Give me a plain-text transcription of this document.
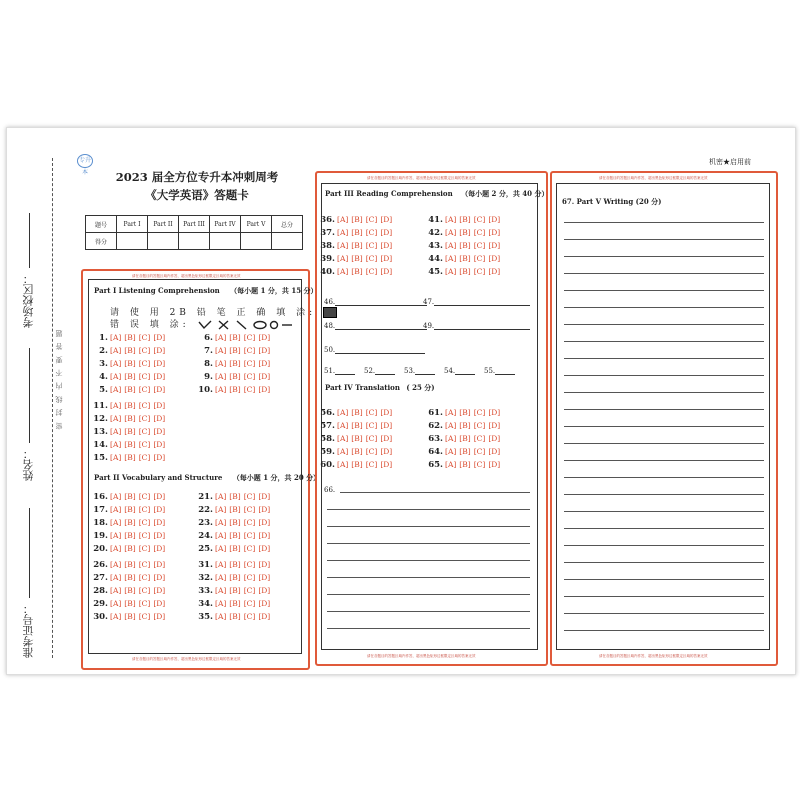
考场校区：
姓名：
准考证号：
密 封 线 内 不 要 答 题
专升本
机密★启用前
2023 届全方位专升本冲刺周考
《大学英语》答题卡
题号	Part I	Part II	Part III	Part IV	Part V	总分
得分						
请在各题目的答题区域内作答，超出黑色矩形边框限定区域的答案无效
请在各题目的答题区域内作答，超出黑色矩形边框限定区域的答案无效
Part I Listening Comprehension （每小题 1 分，共 15 分）
请 使 用 2B 铅 笔 正 确 填 涂:
错 误 填 涂:
1. [A] [B] [C] [D]
2. [A] [B] [C] [D]
3. [A] [B] [C] [D]
4. [A] [B] [C] [D]
5. [A] [B] [C] [D]
6. [A] [B] [C] [D]
7. [A] [B] [C] [D]
8. [A] [B] [C] [D]
9. [A] [B] [C] [D]
10. [A] [B] [C] [D]
11. [A] [B] [C] [D]
12. [A] [B] [C] [D]
13. [A] [B] [C] [D]
14. [A] [B] [C] [D]
15. [A] [B] [C] [D]
Part II Vocabulary and Structure （每小题 1 分，共 20 分）
16. [A] [B] [C] [D]
17. [A] [B] [C] [D]
18. [A] [B] [C] [D]
19. [A] [B] [C] [D]
20. [A] [B] [C] [D]
21. [A] [B] [C] [D]
22. [A] [B] [C] [D]
23. [A] [B] [C] [D]
24. [A] [B] [C] [D]
25. [A] [B] [C] [D]
26. [A] [B] [C] [D]
27. [A] [B] [C] [D]
28. [A] [B] [C] [D]
29. [A] [B] [C] [D]
30. [A] [B] [C] [D]
31. [A] [B] [C] [D]
32. [A] [B] [C] [D]
33. [A] [B] [C] [D]
34. [A] [B] [C] [D]
35. [A] [B] [C] [D]
请在各题目的答题区域内作答，超出黑色矩形边框限定区域的答案无效
请在各题目的答题区域内作答，超出黑色矩形边框限定区域的答案无效
Part III Reading Comprehension （每小题 2 分，共 40 分）
36. [A] [B] [C] [D]
37. [A] [B] [C] [D]
38. [A] [B] [C] [D]
39. [A] [B] [C] [D]
40. [A] [B] [C] [D]
41. [A] [B] [C] [D]
42. [A] [B] [C] [D]
43. [A] [B] [C] [D]
44. [A] [B] [C] [D]
45. [A] [B] [C] [D]
46.	47.
48.	49.
50.
51.	52.	53.	54.	55.
Part IV Translation ( 25 分)
56. [A] [B] [C] [D]
57. [A] [B] [C] [D]
58. [A] [B] [C] [D]
59. [A] [B] [C] [D]
60. [A] [B] [C] [D]
61. [A] [B] [C] [D]
62. [A] [B] [C] [D]
63. [A] [B] [C] [D]
64. [A] [B] [C] [D]
65. [A] [B] [C] [D]
66.
请在各题目的答题区域内作答，超出黑色矩形边框限定区域的答案无效
请在各题目的答题区域内作答，超出黑色矩形边框限定区域的答案无效
67. Part V Writing (20 分)
